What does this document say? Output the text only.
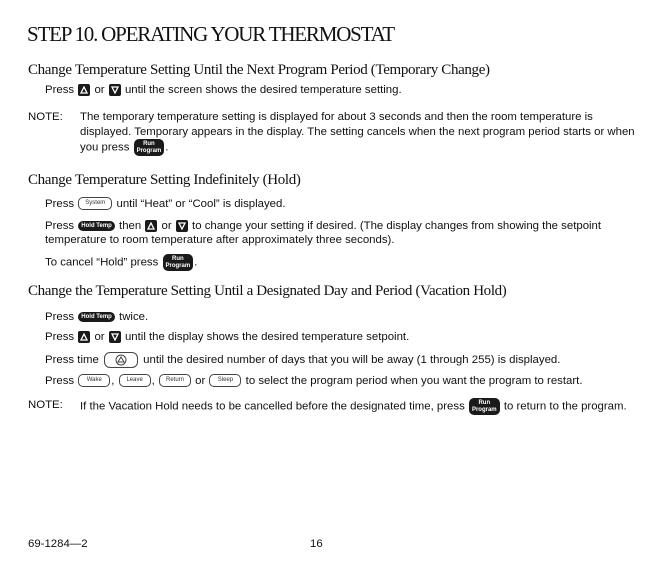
STEP 10. OPERATING YOUR THERMOSTAT
Change Temperature Setting Until the Next Program Period (Temporary Change)
Press or until the screen shows the desired temperature setting.
NOTE: The temporary temperature setting is displayed for about 3 seconds and then the room temperature is displayed. Temporary appears in the display. The setting cancels when the next program period starts or when you press Run
Program .
Change Temperature Setting Indefinitely (Hold)
Press System until “Heat” or “Cool” is displayed.
Press Hold Temp then or to change your setting if desired. (The display changes from showing the setpoint
temperature to room temperature after approximately three seconds).
To cancel “Hold” press Run
Program .
Change the Temperature Setting Until a Designated Day and Period (Vacation Hold)
Press Hold Temp twice.
Press or until the display shows the desired temperature setpoint.
Press time	until the desired number of days that you will be away (1 through 255) is displayed.
Press Wake , Leave , Return or Sleep to select the program period when you want the program to restart.
NOTE: If the Vacation Hold needs to be cancelled before the designated time, press Run
Program to return to the program.
69-1284—2	16
